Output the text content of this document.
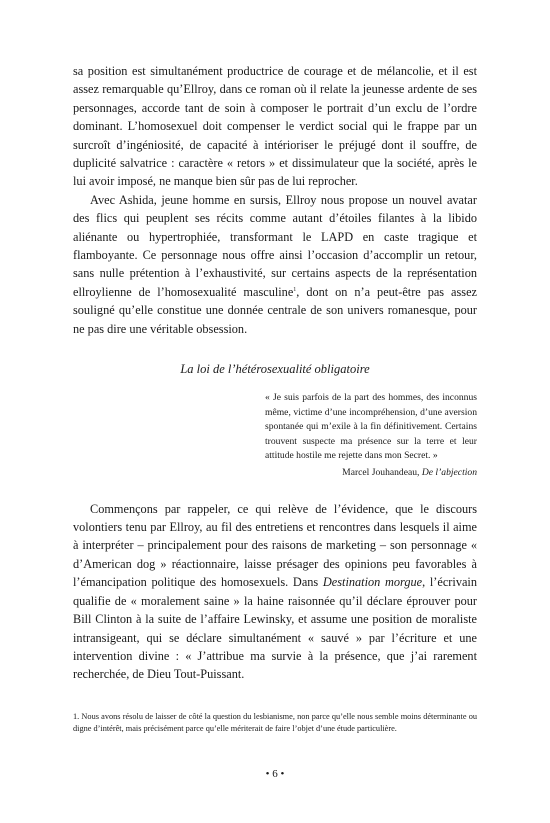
sa position est simultanément productrice de courage et de mélancolie, et il est assez remarquable qu’Ellroy, dans ce roman où il relate la jeunesse ardente de ses personnages, accorde tant de soin à composer le portrait d’un exclu de l’ordre dominant. L’homosexuel doit compenser le verdict social qui le frappe par un surcroît d’ingéniosité, de capacité à intérioriser le préjugé dont il souffre, de duplicité salvatrice : caractère « retors » et dissimulateur que la société, après le lui avoir imposé, ne manque bien sûr pas de lui reprocher.

Avec Ashida, jeune homme en sursis, Ellroy nous propose un nouvel avatar des flics qui peuplent ses récits comme autant d’étoiles filantes à la libido aliénante ou hypertrophiée, transformant le LAPD en caste tragique et flamboyante. Ce personnage nous offre ainsi l’occasion d’accomplir un retour, sans nulle prétention à l’exhaustivité, sur certains aspects de la représentation ellroylienne de l’homosexualité masculine$^1$, dont on n’a peut-être pas assez souligné qu’elle constitue une donnée centrale de son univers romanesque, pour ne pas dire une véritable obsession.

La loi de l’hétérosexualité obligatoire

« Je suis parfois de la part des hommes, des inconnus même, victime d’une incompréhension, d’une aversion spontanée qui m’exile à la fin définitivement. Certains trouvent suspecte ma présence sur la terre et leur attitude hostile me rejette dans mon Secret. »

Marcel Jouhandeau, De l’abjection

Commençons par rappeler, ce qui relève de l’évidence, que le discours volontiers tenu par Ellroy, au fil des entretiens et rencontres dans lesquels il aime à interpréter – principalement pour des raisons de marketing – son personnage « d’American dog » réactionnaire, laisse présager des opinions peu favorables à l’émancipation politique des homosexuels. Dans Destination morgue, l’écrivain qualifie de « moralement saine » la haine raisonnée qu’il déclare éprouver pour Bill Clinton à la suite de l’affaire Lewinsky, et assume une position de moraliste intransigeant, qui se déclare simultanément « sauvé » par l’écriture et une intervention divine : « J’attribue ma survie à la présence, que j’ai rarement recherchée, de Dieu Tout-Puissant.

1. Nous avons résolu de laisser de côté la question du lesbianisme, non parce qu’elle nous semble moins déterminante ou digne d’intérêt, mais précisément parce qu’elle mériterait de faire l’objet d’une étude particulière.

• 6 •
